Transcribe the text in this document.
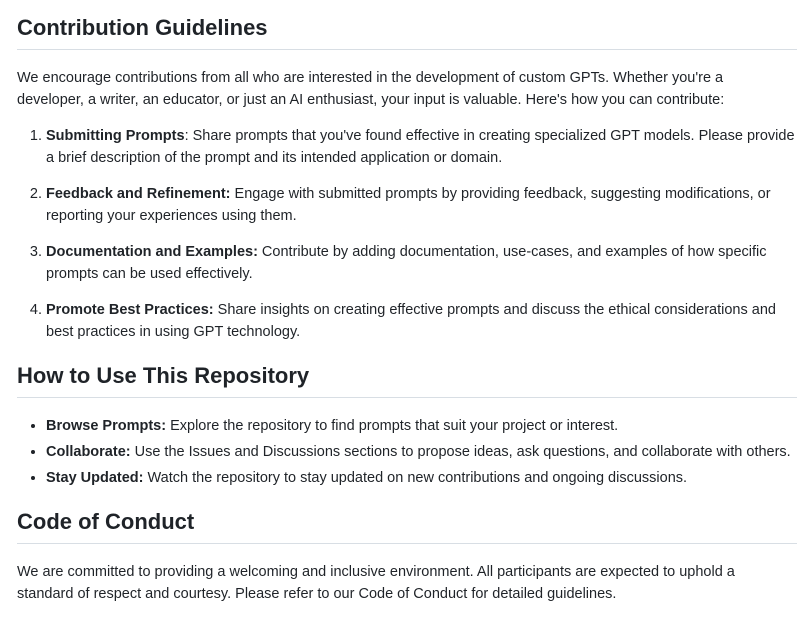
Contribution Guidelines

We encourage contributions from all who are interested in the development of custom GPTs. Whether you're a developer, a writer, an educator, or just an AI enthusiast, your input is valuable. Here's how you can contribute:

1. Submitting Prompts: Share prompts that you've found effective in creating specialized GPT models. Please provide a brief description of the prompt and its intended application or domain.
2. Feedback and Refinement: Engage with submitted prompts by providing feedback, suggesting modifications, or reporting your experiences using them.
3. Documentation and Examples: Contribute by adding documentation, use-cases, and examples of how specific prompts can be used effectively.
4. Promote Best Practices: Share insights on creating effective prompts and discuss the ethical considerations and best practices in using GPT technology.
How to Use This Repository
• Browse Prompts: Explore the repository to find prompts that suit your project or interest.
• Collaborate: Use the Issues and Discussions sections to propose ideas, ask questions, and collaborate with others.
• Stay Updated: Watch the repository to stay updated on new contributions and ongoing discussions.
Code of Conduct

We are committed to providing a welcoming and inclusive environment. All participants are expected to uphold a standard of respect and courtesy. Please refer to our Code of Conduct for detailed guidelines.
